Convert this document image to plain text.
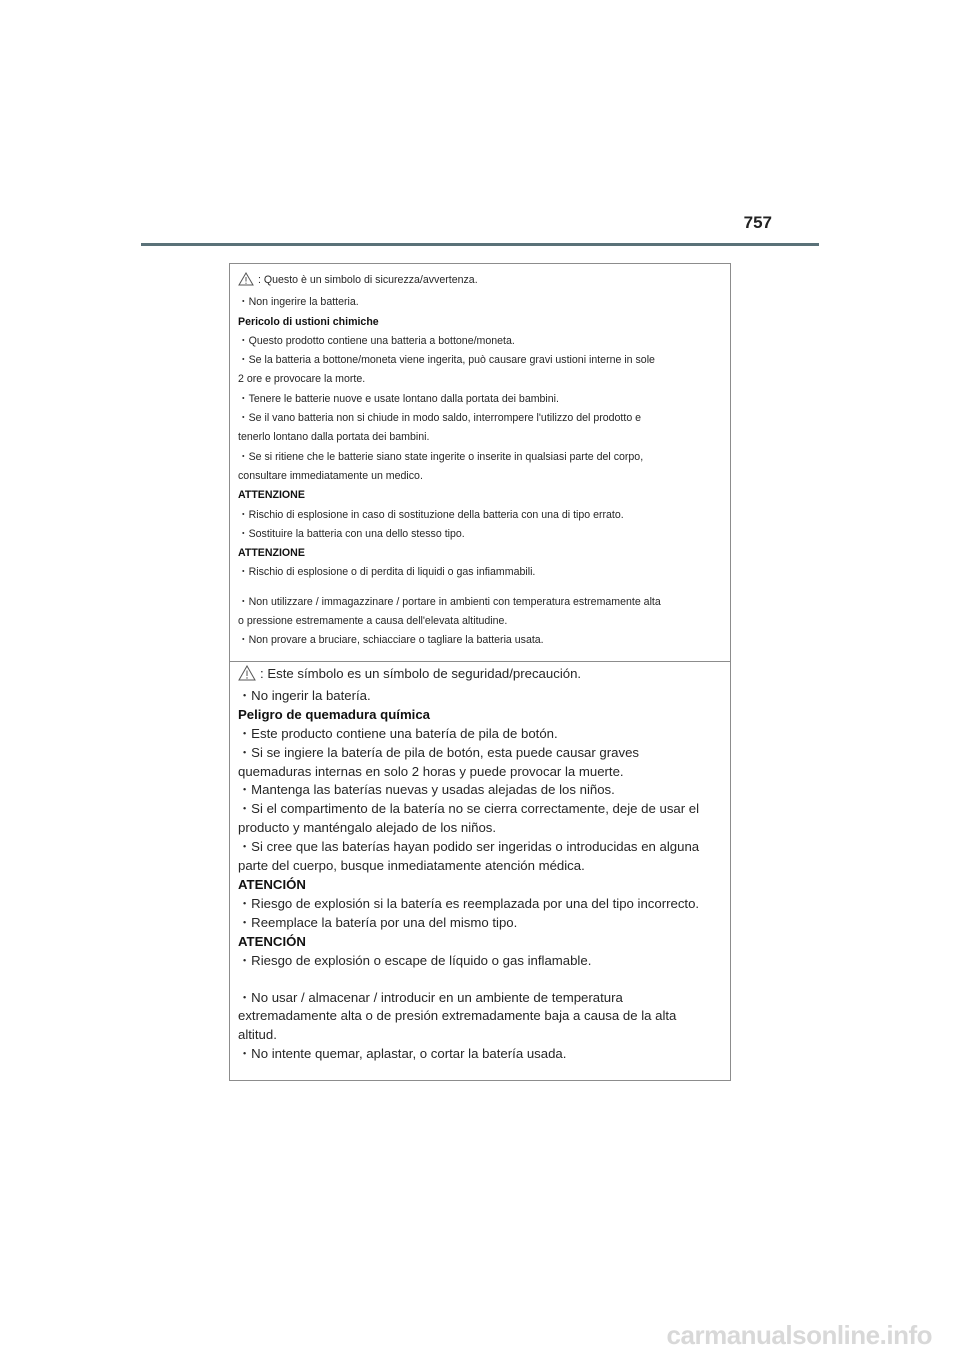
757

: Questo è un simbolo di sicurezza/avvertenza.

・Non ingerire la batteria.

Pericolo di ustioni chimiche

・Questo prodotto contiene una batteria a bottone/moneta.

・Se la batteria a bottone/moneta viene ingerita, può causare gravi ustioni interne in sole

2 ore e provocare la morte.

・Tenere le batterie nuove e usate lontano dalla portata dei bambini.

・Se il vano batteria non si chiude in modo saldo, interrompere l'utilizzo del prodotto e

tenerlo lontano dalla portata dei bambini.

・Se si ritiene che le batterie siano state ingerite o inserite in qualsiasi parte del corpo,

consultare immediatamente un medico.

ATTENZIONE

・Rischio di esplosione in caso di sostituzione della batteria con una di tipo errato.

・Sostituire la batteria con una dello stesso tipo.

ATTENZIONE

・Rischio di esplosione o di perdita di liquidi o gas infiammabili.

・Non utilizzare / immagazzinare / portare in ambienti con temperatura estremamente alta

o pressione estremamente a causa dell'elevata altitudine.

・Non provare a bruciare, schiacciare o tagliare la batteria usata.

: Este símbolo es un símbolo de seguridad/precaución.

・No ingerir la batería.

Peligro de quemadura química

・Este producto contiene una batería de pila de botón.

・Si se ingiere la batería de pila de botón, esta puede causar graves

quemaduras internas en solo 2 horas y puede provocar la muerte.

・Mantenga las baterías nuevas y usadas alejadas de los niños.

・Si el compartimento de la batería no se cierra correctamente, deje de usar el

producto y manténgalo alejado de los niños.

・Si cree que las baterías hayan podido ser ingeridas o introducidas en alguna

parte del cuerpo, busque inmediatamente atención médica.

ATENCIÓN

・Riesgo de explosión si la batería es reemplazada por una del tipo incorrecto.

・Reemplace la batería por una del mismo tipo.

ATENCIÓN

・Riesgo de explosión o escape de líquido o gas inflamable.

・No usar / almacenar / introducir en un ambiente de temperatura

extremadamente alta o de presión extremadamente baja a causa de la alta

altitud.

・No intente quemar, aplastar, o cortar la batería usada.

carmanualsonline.info
